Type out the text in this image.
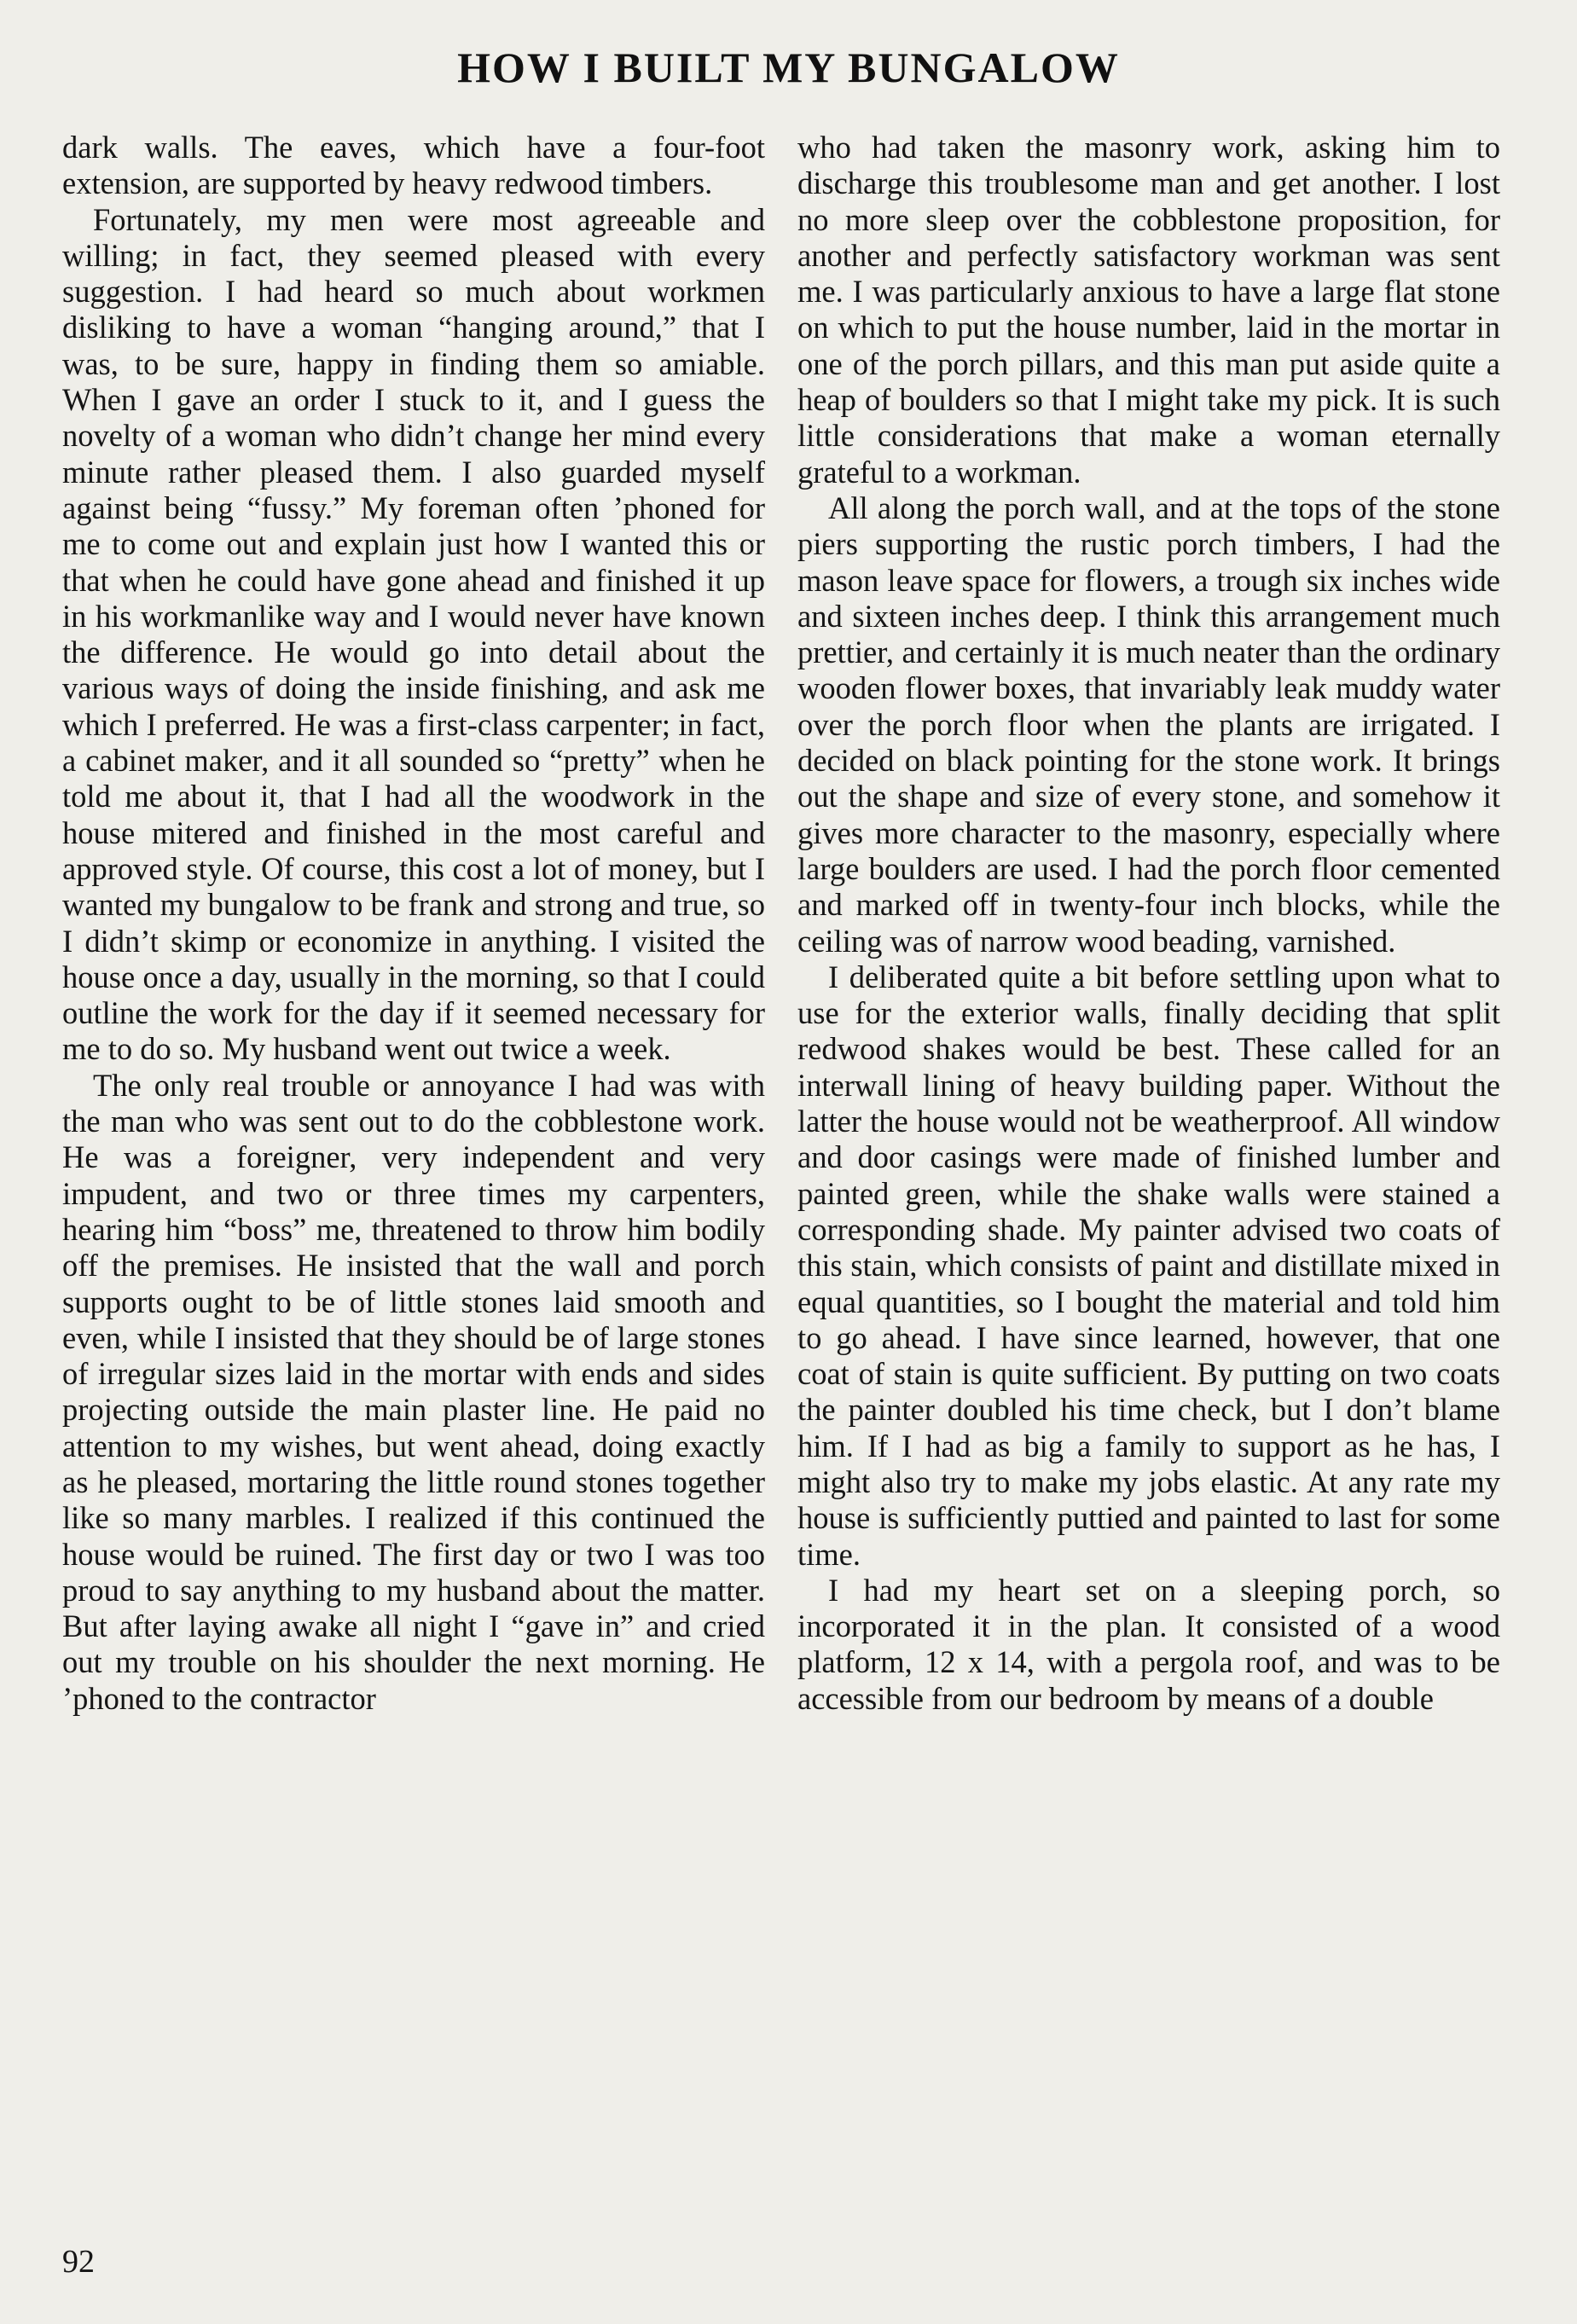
HOW I BUILT MY BUNGALOW

dark walls. The eaves, which have a four-foot extension, are supported by heavy redwood timbers.

Fortunately, my men were most agreeable and willing; in fact, they seemed pleased with every suggestion. I had heard so much about workmen disliking to have a woman “hanging around,” that I was, to be sure, happy in finding them so amiable. When I gave an order I stuck to it, and I guess the novelty of a woman who didn’t change her mind every minute rather pleased them. I also guarded myself against being “fussy.” My foreman often ’phoned for me to come out and explain just how I wanted this or that when he could have gone ahead and finished it up in his workmanlike way and I would never have known the difference. He would go into detail about the various ways of doing the inside finishing, and ask me which I preferred. He was a first-class carpenter; in fact, a cabinet maker, and it all sounded so “pretty” when he told me about it, that I had all the woodwork in the house mitered and finished in the most careful and approved style. Of course, this cost a lot of money, but I wanted my bungalow to be frank and strong and true, so I didn’t skimp or economize in anything. I visited the house once a day, usually in the morning, so that I could outline the work for the day if it seemed necessary for me to do so. My husband went out twice a week.

The only real trouble or annoyance I had was with the man who was sent out to do the cobblestone work. He was a foreigner, very independent and very impudent, and two or three times my carpenters, hearing him “boss” me, threatened to throw him bodily off the premises. He insisted that the wall and porch supports ought to be of little stones laid smooth and even, while I insisted that they should be of large stones of irregular sizes laid in the mortar with ends and sides projecting outside the main plaster line. He paid no attention to my wishes, but went ahead, doing exactly as he pleased, mortaring the little round stones together like so many marbles. I realized if this continued the house would be ruined. The first day or two I was too proud to say anything to my husband about the matter. But after laying awake all night I “gave in” and cried out my trouble on his shoulder the next morning. He ’phoned to the contractor

who had taken the masonry work, asking him to discharge this troublesome man and get another. I lost no more sleep over the cobblestone proposition, for another and perfectly satisfactory workman was sent me. I was particularly anxious to have a large flat stone on which to put the house number, laid in the mortar in one of the porch pillars, and this man put aside quite a heap of boulders so that I might take my pick. It is such little considerations that make a woman eternally grateful to a workman.

All along the porch wall, and at the tops of the stone piers supporting the rustic porch timbers, I had the mason leave space for flowers, a trough six inches wide and sixteen inches deep. I think this arrangement much prettier, and certainly it is much neater than the ordinary wooden flower boxes, that invariably leak muddy water over the porch floor when the plants are irrigated. I decided on black pointing for the stone work. It brings out the shape and size of every stone, and somehow it gives more character to the masonry, especially where large boulders are used. I had the porch floor cemented and marked off in twenty-four inch blocks, while the ceiling was of narrow wood beading, varnished.

I deliberated quite a bit before settling upon what to use for the exterior walls, finally deciding that split redwood shakes would be best. These called for an interwall lining of heavy building paper. Without the latter the house would not be weatherproof. All window and door casings were made of finished lumber and painted green, while the shake walls were stained a corresponding shade. My painter advised two coats of this stain, which consists of paint and distillate mixed in equal quantities, so I bought the material and told him to go ahead. I have since learned, however, that one coat of stain is quite sufficient. By putting on two coats the painter doubled his time check, but I don’t blame him. If I had as big a family to support as he has, I might also try to make my jobs elastic. At any rate my house is sufficiently puttied and painted to last for some time.

I had my heart set on a sleeping porch, so incorporated it in the plan. It consisted of a wood platform, 12 x 14, with a pergola roof, and was to be accessible from our bedroom by means of a double

92
